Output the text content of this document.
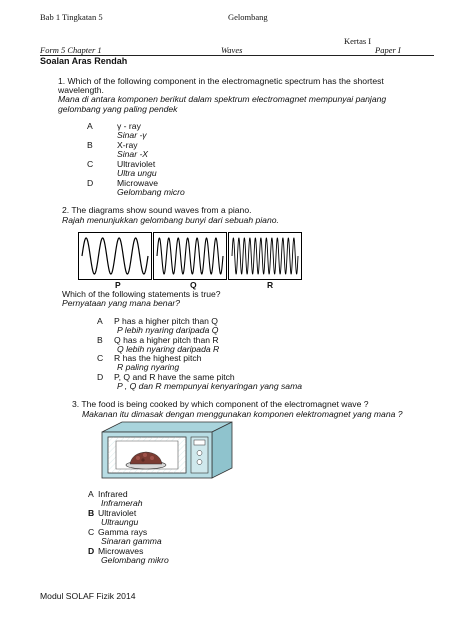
Bab 1 Tingkatan 5	Gelombang
Kertas I
Form 5 Chapter 1	Waves	Paper I
Soalan Aras Rendah
1. Which of the following component in the electromagnetic spectrum has the shortest
wavelength.
Mana di antara komponen berikut dalam spektrum electromagnet mempunyai panjang
gelombang yang paling pendek
A	γ - ray
Sinar -γ
B	X-ray
Sinar -X
C	Ultraviolet
Ultra ungu
D	Microwave
Gelombang micro
2. The diagrams show sound waves from a piano.
Rajah menunjukkan gelombang bunyi dari sebuah piano.
P	Q	R
Which of the following statements is true?
Pernyataan yang mana benar?
A P has a higher pitch than Q
P lebih nyaring daripada Q
B Q has a higher pitch than R
Q lebih nyaring daripada R
C R has the highest pitch
R paling nyaring
D P, Q and R have the same pitch
P , Q dan R mempunyai kenyaringan yang sama
3. The food is being cooked by which component of the electromagnet wave ?
Makanan itu dimasak dengan menggunakan komponen elektromagnet yang mana ?
A Infrared
Inframerah
B Ultraviolet
Ultraungu
C Gamma rays
Sinaran gamma
D Microwaves
Gelombang mikro
Modul SOLAF Fizik 2014
